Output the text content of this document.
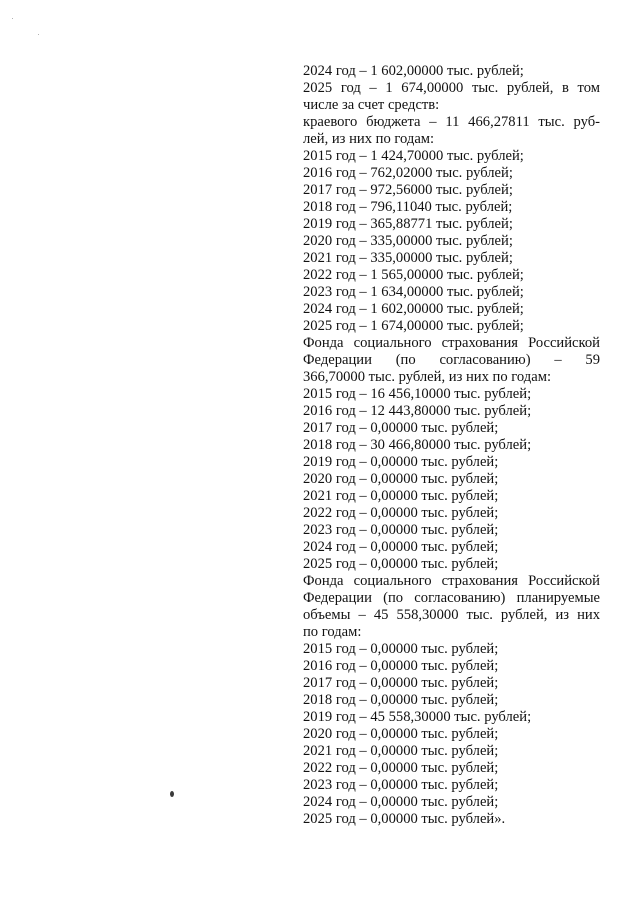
2024 год – 1 602,00000 тыс. рублей;
2025 год – 1 674,00000 тыс. рублей, в том
числе за счет средств:
краевого бюджета – 11 466,27811 тыс. руб-
лей, из них по годам:
2015 год – 1 424,70000 тыс. рублей;
2016 год – 762,02000 тыс. рублей;
2017 год – 972,56000 тыс. рублей;
2018 год – 796,11040 тыс. рублей;
2019 год – 365,88771 тыс. рублей;
2020 год – 335,00000 тыс. рублей;
2021 год – 335,00000 тыс. рублей;
2022 год – 1 565,00000 тыс. рублей;
2023 год – 1 634,00000 тыс. рублей;
2024 год – 1 602,00000 тыс. рублей;
2025 год – 1 674,00000 тыс. рублей;
Фонда социального страхования Российской
Федерации (по согласованию) – 59
366,70000 тыс. рублей, из них по годам:
2015 год – 16 456,10000 тыс. рублей;
2016 год – 12 443,80000 тыс. рублей;
2017 год – 0,00000 тыс. рублей;
2018 год – 30 466,80000 тыс. рублей;
2019 год – 0,00000 тыс. рублей;
2020 год – 0,00000 тыс. рублей;
2021 год – 0,00000 тыс. рублей;
2022 год – 0,00000 тыс. рублей;
2023 год – 0,00000 тыс. рублей;
2024 год – 0,00000 тыс. рублей;
2025 год – 0,00000 тыс. рублей;
Фонда социального страхования Российской
Федерации (по согласованию) планируемые
объемы – 45 558,30000 тыс. рублей, из них
по годам:
2015 год – 0,00000 тыс. рублей;
2016 год – 0,00000 тыс. рублей;
2017 год – 0,00000 тыс. рублей;
2018 год – 0,00000 тыс. рублей;
2019 год – 45 558,30000 тыс. рублей;
2020 год – 0,00000 тыс. рублей;
2021 год – 0,00000 тыс. рублей;
2022 год – 0,00000 тыс. рублей;
2023 год – 0,00000 тыс. рублей;
2024 год – 0,00000 тыс. рублей;
2025 год – 0,00000 тыс. рублей».
